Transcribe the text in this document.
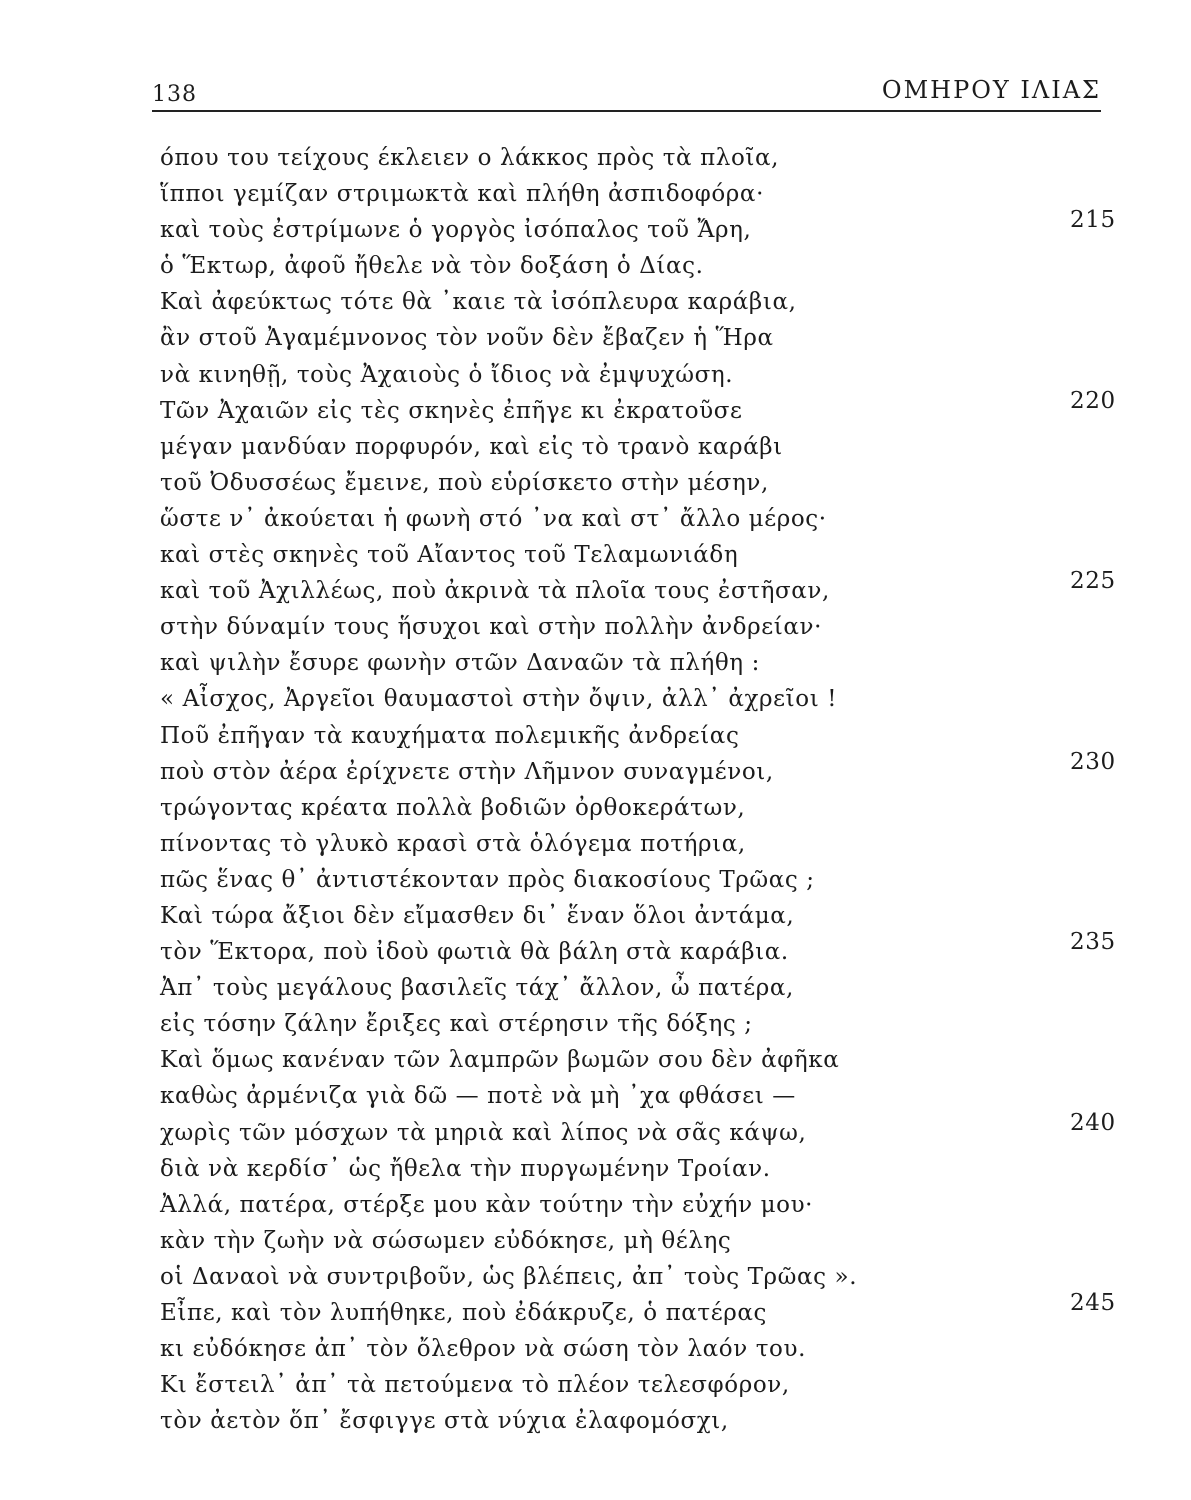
138	ΟΜΗΡΟΥ ΙΛΙΑΣ
όπου του τείχους έκλειεν ο λάκκος πρὸς τὰ πλοῖα,
ἵπποι γεμίζαν στριμωκτὰ καὶ πλήθη ἀσπιδοφόρα·
καὶ τοὺς ἐστρίμωνε ὁ γοργὸς ἰσόπαλος τοῦ Ἄρη,	215
ὁ Ἕκτωρ, ἀφοῦ ἤθελε νὰ τὸν δοξάση ὁ Δίας.
Καὶ ἀφεύκτως τότε θὰ ᾽καιε τὰ ἰσόπλευρα καράβια,
ἂν στοῦ Ἀγαμέμνονος τὸν νοῦν δὲν ἔβαζεν ἡ Ἥρα
νὰ κινηθῇ, τοὺς Ἀχαιοὺς ὁ ἴδιος νὰ ἐμψυχώση.
Τῶν Ἀχαιῶν εἰς τὲς σκηνὲς ἐπῆγε κι ἐκρατοῦσε	220
μέγαν μανδύαν πορφυρόν, καὶ εἰς τὸ τρανὸ καράβι
τοῦ Ὀδυσσέως ἔμεινε, ποὺ εὑρίσκετο στὴν μέσην,
ὥστε ν᾽ ἀκούεται ἡ φωνὴ στό ᾽να καὶ στ᾽ ἄλλο μέρος·
καὶ στὲς σκηνὲς τοῦ Αἴαντος τοῦ Τελαμωνιάδη
καὶ τοῦ Ἀχιλλέως, ποὺ ἀκρινὰ τὰ πλοῖα τους ἐστῆσαν,	225
στὴν δύναμίν τους ἥσυχοι καὶ στὴν πολλὴν ἀνδρείαν·
καὶ ψιλὴν ἔσυρε φωνὴν στῶν Δαναῶν τὰ πλήθη :
« Αἶσχος, Ἀργεῖοι θαυμαστοὶ στὴν ὄψιν, ἀλλ᾽ ἀχρεῖοι !
Ποῦ ἐπῆγαν τὰ καυχήματα πολεμικῆς ἀνδρείας
ποὺ στὸν ἀέρα ἐρίχνετε στὴν Λῆμνον συναγμένοι,	230
τρώγοντας κρέατα πολλὰ βοδιῶν ὀρθοκεράτων,
πίνοντας τὸ γλυκὸ κρασὶ στὰ ὁλόγεμα ποτήρια,
πῶς ἕνας θ᾽ ἀντιστέκονταν πρὸς διακοσίους Τρῶας ;
Καὶ τώρα ἄξιοι δὲν εἴμασθεν δι᾽ ἕναν ὅλοι ἀντάμα,
τὸν Ἕκτορα, ποὺ ἰδοὺ φωτιὰ θὰ βάλη στὰ καράβια.	235
Ἀπ᾽ τοὺς μεγάλους βασιλεῖς τάχ᾽ ἄλλον, ὦ πατέρα,
εἰς τόσην ζάλην ἔριξες καὶ στέρησιν τῆς δόξης ;
Καὶ ὅμως κανέναν τῶν λαμπρῶν βωμῶν σου δὲν ἀφῆκα
καθὼς ἀρμένιζα γιὰ δῶ — ποτὲ νὰ μὴ ᾽χα φθάσει —
χωρὶς τῶν μόσχων τὰ μηριὰ καὶ λίπος νὰ σᾶς κάψω,	240
διὰ νὰ κερδίσ᾽ ὡς ἤθελα τὴν πυργωμένην Τροίαν.
Ἀλλά, πατέρα, στέρξε μου κὰν τούτην τὴν εὐχήν μου·
κὰν τὴν ζωὴν νὰ σώσωμεν εὐδόκησε, μὴ θέλης
οἱ Δαναοὶ νὰ συντριβοῦν, ὡς βλέπεις, ἀπ᾽ τοὺς Τρῶας ».
Εἶπε, καὶ τὸν λυπήθηκε, ποὺ ἐδάκρυζε, ὁ πατέρας	245
κι εὐδόκησε ἀπ᾽ τὸν ὄλεθρον νὰ σώση τὸν λαόν του.
Κι ἔστειλ᾽ ἀπ᾽ τὰ πετούμενα τὸ πλέον τελεσφόρον,
τὸν ἀετὸν ὅπ᾽ ἔσφιγγε στὰ νύχια ἐλαφομόσχι,
